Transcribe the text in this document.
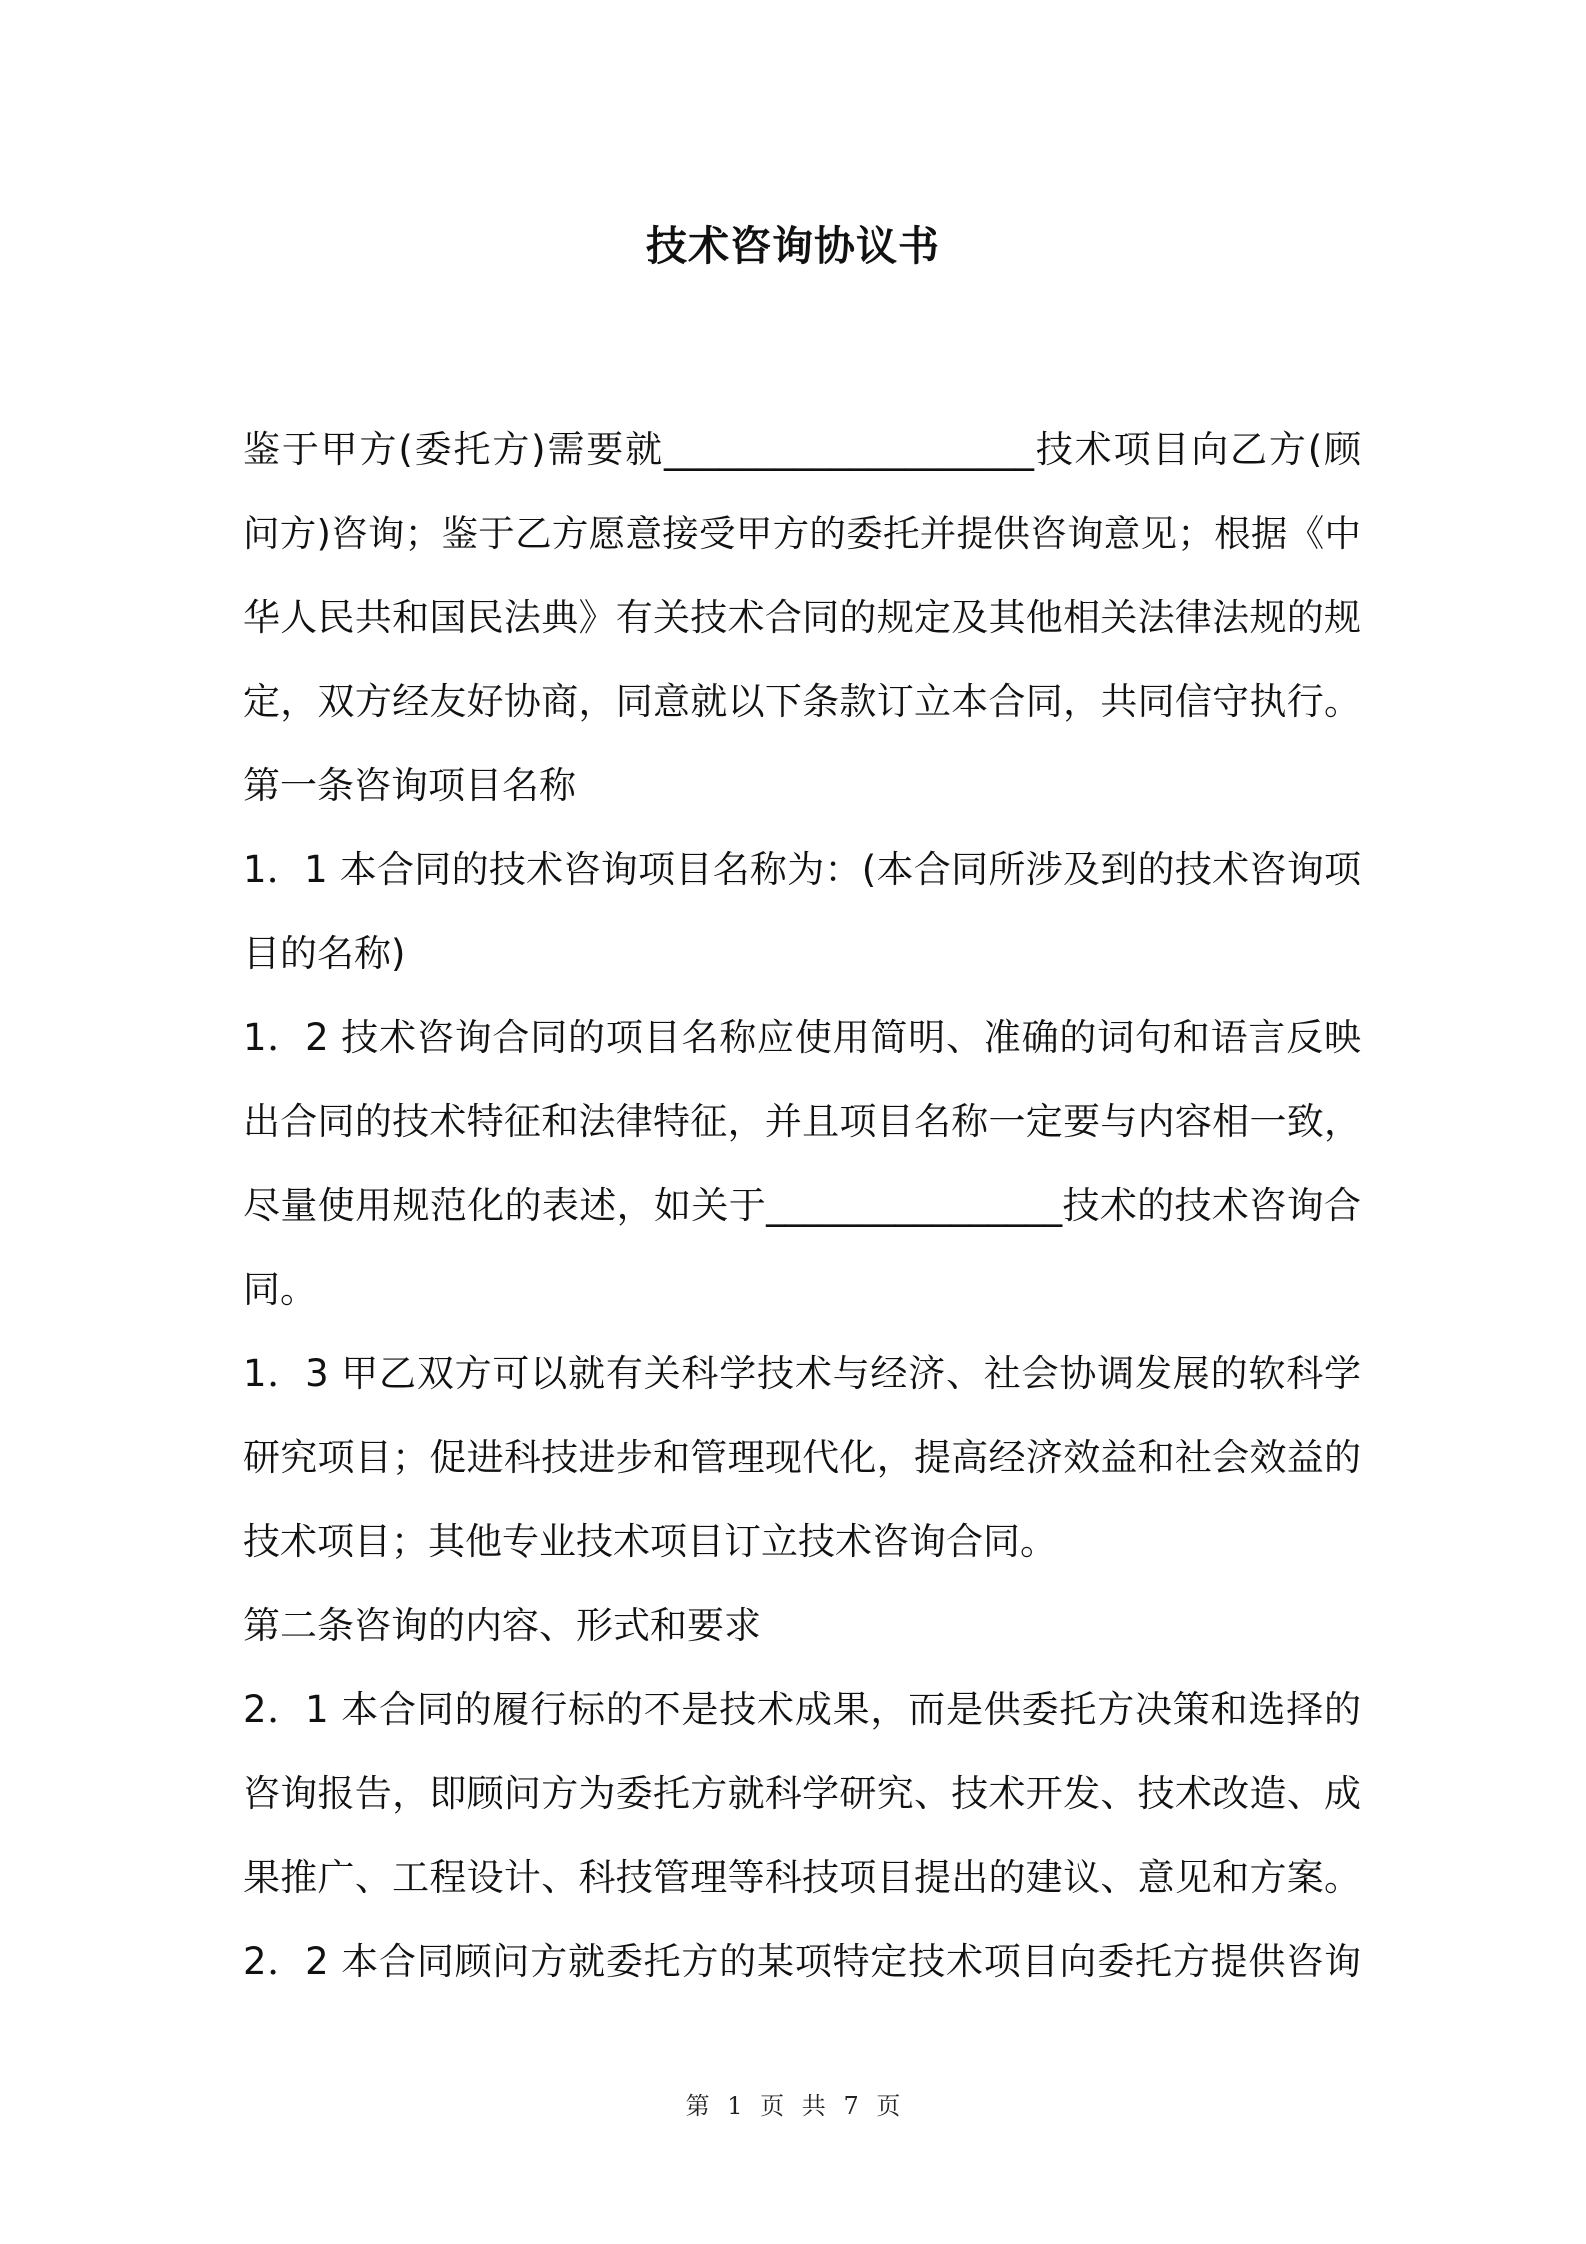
技术咨询协议书
鉴于甲方(委托方)需要就____________________技术项目向乙方(顾
问方)咨询；鉴于乙方愿意接受甲方的委托并提供咨询意见；根据《中
华人民共和国民法典》有关技术合同的规定及其他相关法律法规的规
定，双方经友好协商，同意就以下条款订立本合同，共同信守执行。
第一条咨询项目名称
1．1 本合同的技术咨询项目名称为：(本合同所涉及到的技术咨询项
目的名称)
1．2 技术咨询合同的项目名称应使用简明、准确的词句和语言反映
出合同的技术特征和法律特征，并且项目名称一定要与内容相一致，
尽量使用规范化的表述，如关于________________技术的技术咨询合
同。
1．3 甲乙双方可以就有关科学技术与经济、社会协调发展的软科学
研究项目；促进科技进步和管理现代化，提高经济效益和社会效益的
技术项目；其他专业技术项目订立技术咨询合同。
第二条咨询的内容、形式和要求
2．1 本合同的履行标的不是技术成果，而是供委托方决策和选择的
咨询报告，即顾问方为委托方就科学研究、技术开发、技术改造、成
果推广、工程设计、科技管理等科技项目提出的建议、意见和方案。
2．2 本合同顾问方就委托方的某项特定技术项目向委托方提供咨询
第 1 页 共 7 页
